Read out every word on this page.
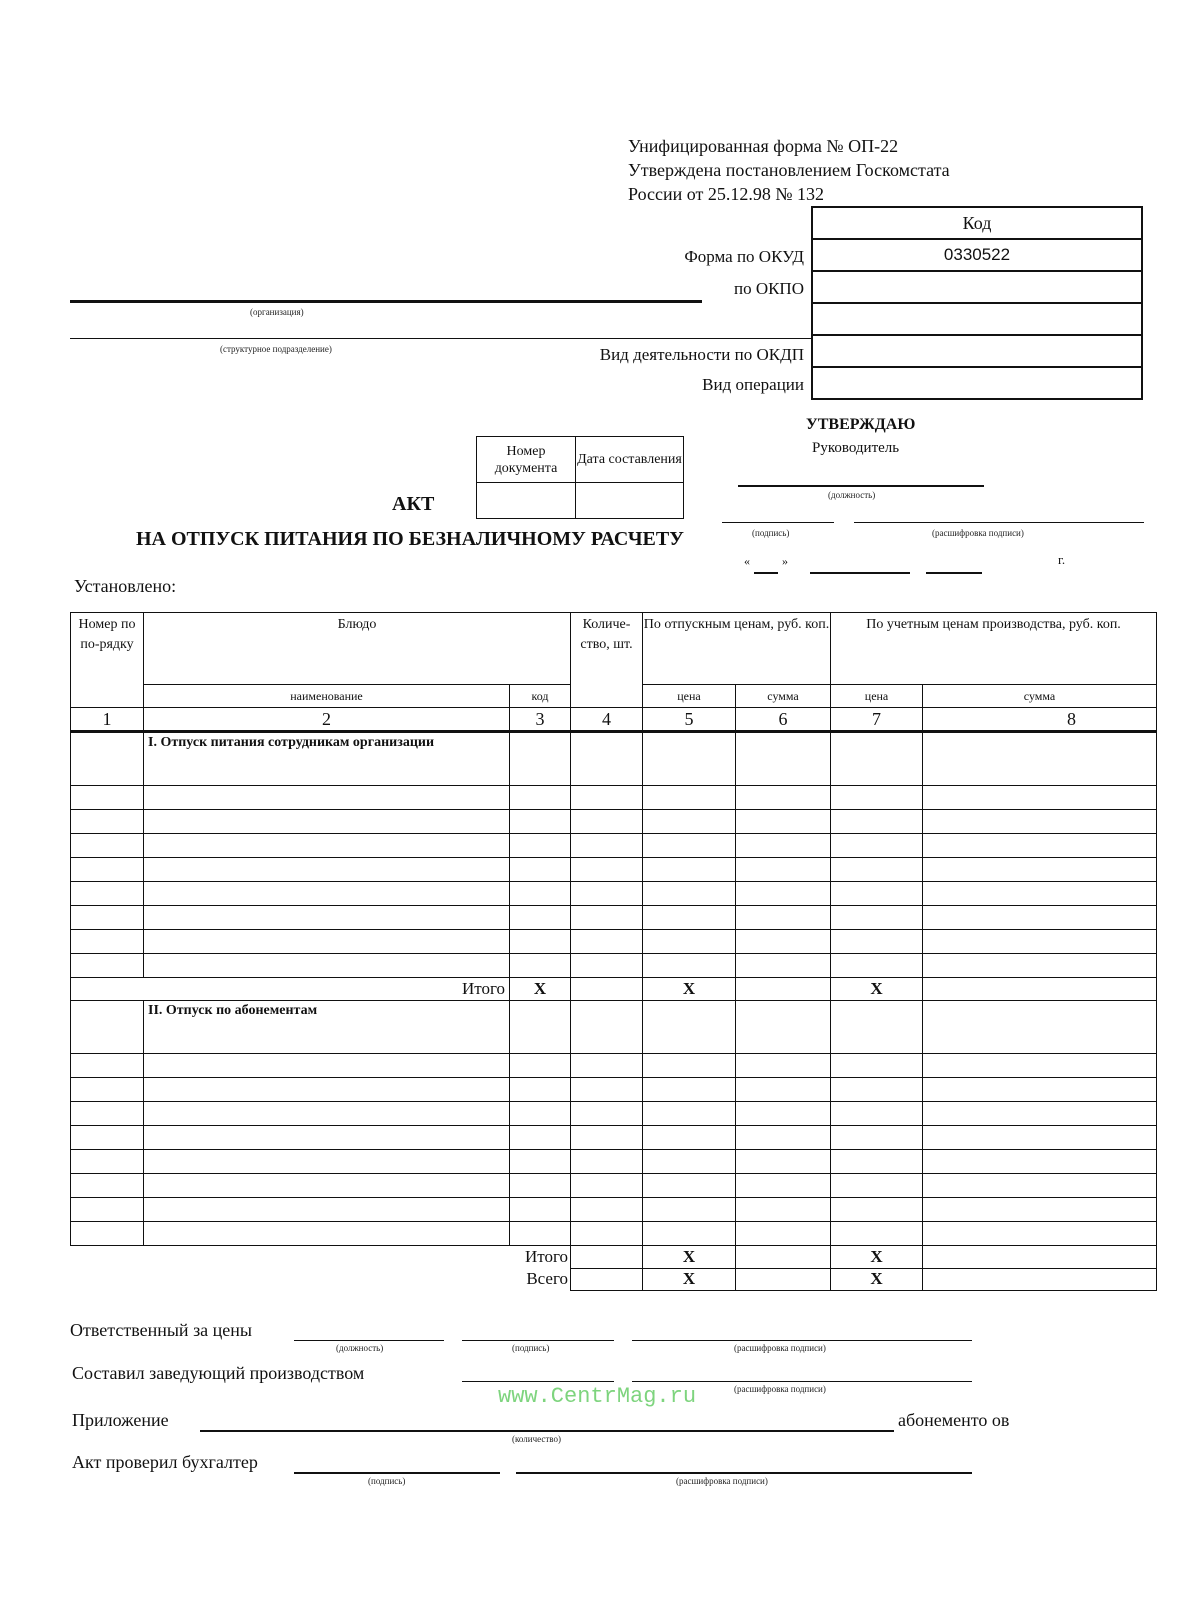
Унифицированная форма № ОП-22
Утверждена постановлением Госкомстата
России от 25.12.98 № 132
Код
0330522

Форма по ОКУД
по ОКПО
Вид деятельности по ОКДП
Вид операции
(организация)
(структурное подразделение)
Номер документа	Дата составления

УТВЕРЖДАЮ
Руководитель
(должность)
(подпись)	(расшифровка подписи)
«	»	г.
АКТ
НА ОТПУСК ПИТАНИЯ ПО БЕЗНАЛИЧНОМУ РАСЧЕТУ
Установлено:
Номер по по-рядку	Блюдо		Количе-ство, шт.	По отпускным ценам, руб. коп.		По учетным ценам производства, руб. коп.	
	наименование	код		цена	сумма	цена	сумма
1	2	3	4	5	6	7	8
	I. Отпуск питания сотрудникам организации						

Итого		X		X		X	
	II. Отпуск по абонементам						

		Итого		X		X	
		Всего		X		X	
Ответственный за цены
(должность)	(подпись)	(расшифровка подписи)
Составил заведующий производством
(расшифровка подписи)
Приложение
(количество)
абонементо ов
Акт проверил бухгалтер
(подпись)	(расшифровка подписи)
www.CentrMag.ru
